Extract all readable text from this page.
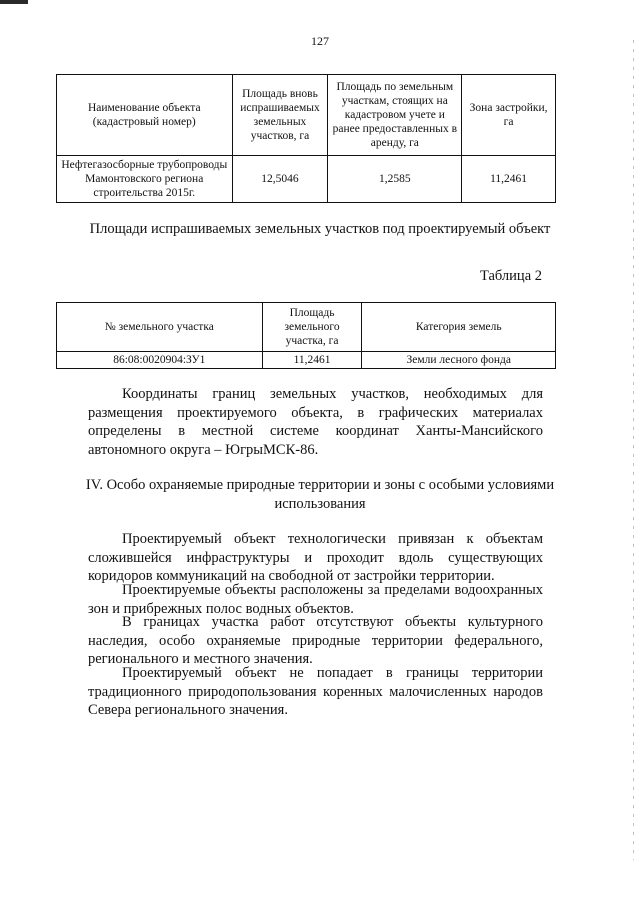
127
Наименование объекта (кадастровый номер)	Площадь вновь испрашиваемых земельных участков, га	Площадь по земельным участкам, стоящих на кадастровом учете и ранее предоставленных в аренду, га	Зона застройки, га
Нефтегазосборные трубопроводы Мамонтовского региона строительства 2015г.	12,5046	1,2585	11,2461
Площади испрашиваемых земельных участков под проектируемый объект
Таблица 2
№ земельного участка	Площадь земельного участка, га	Категория земель
86:08:0020904:ЗУ1	11,2461	Земли лесного фонда

Координаты границ земельных участков, необходимых для размещения проектируемого объекта, в графических материалах определены в местной системе координат Ханты-Мансийского автономного округа – ЮгрыМСК-86.

IV. Особо охраняемые природные территории и зоны с особыми условиями использования

Проектируемый объект технологически привязан к объектам сложившейся инфраструктуры и проходит вдоль существующих коридоров коммуникаций на свободной от застройки территории.

Проектируемые объекты расположены за пределами водоохранных зон и прибрежных полос водных объектов.

В границах участка работ отсутствуют объекты культурного наследия, особо охраняемые природные территории федерального, регионального и местного значения.

Проектируемый объект не попадает в границы территории традиционного природопользования коренных малочисленных народов Севера регионального значения.
